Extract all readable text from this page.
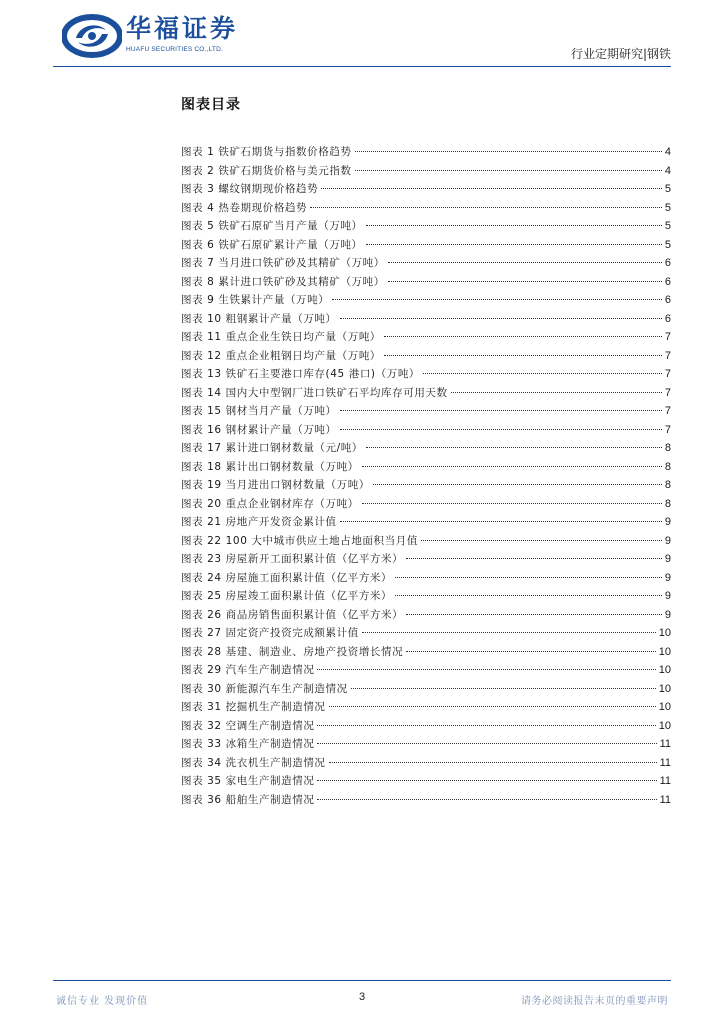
华福证券
HUAFU SECURITIES CO.,LTD.	行业定期研究|钢铁
图表目录
图表 1 铁矿石期货与指数价格趋势	4
图表 2 铁矿石期货价格与美元指数	4
图表 3 螺纹钢期现价格趋势	5
图表 4 热卷期现价格趋势	5
图表 5 铁矿石原矿当月产量（万吨）	5
图表 6 铁矿石原矿累计产量（万吨）	5
图表 7 当月进口铁矿砂及其精矿（万吨）	6
图表 8 累计进口铁矿砂及其精矿（万吨）	6
图表 9 生铁累计产量（万吨）	6
图表 10 粗钢累计产量（万吨）	6
图表 11 重点企业生铁日均产量（万吨）	7
图表 12 重点企业粗钢日均产量（万吨）	7
图表 13 铁矿石主要港口库存(45 港口)（万吨）	7
图表 14 国内大中型钢厂进口铁矿石平均库存可用天数	7
图表 15 钢材当月产量（万吨）	7
图表 16 钢材累计产量（万吨）	7
图表 17 累计进口钢材数量（元/吨）	8
图表 18 累计出口钢材数量（万吨）	8
图表 19 当月进出口钢材数量（万吨）	8
图表 20 重点企业钢材库存（万吨）	8
图表 21 房地产开发资金累计值	9
图表 22 100 大中城市供应土地占地面积当月值	9
图表 23 房屋新开工面积累计值（亿平方米）	9
图表 24 房屋施工面积累计值（亿平方米）	9
图表 25 房屋竣工面积累计值（亿平方米）	9
图表 26 商品房销售面积累计值（亿平方米）	9
图表 27 固定资产投资完成额累计值	10
图表 28 基建、制造业、房地产投资增长情况	10
图表 29 汽车生产制造情况	10
图表 30 新能源汽车生产制造情况	10
图表 31 挖掘机生产制造情况	10
图表 32 空调生产制造情况	10
图表 33 冰箱生产制造情况	11
图表 34 洗衣机生产制造情况	11
图表 35 家电生产制造情况	11
图表 36 船舶生产制造情况	11
诚信专业 发现价值	3	请务必阅读报告末页的重要声明
